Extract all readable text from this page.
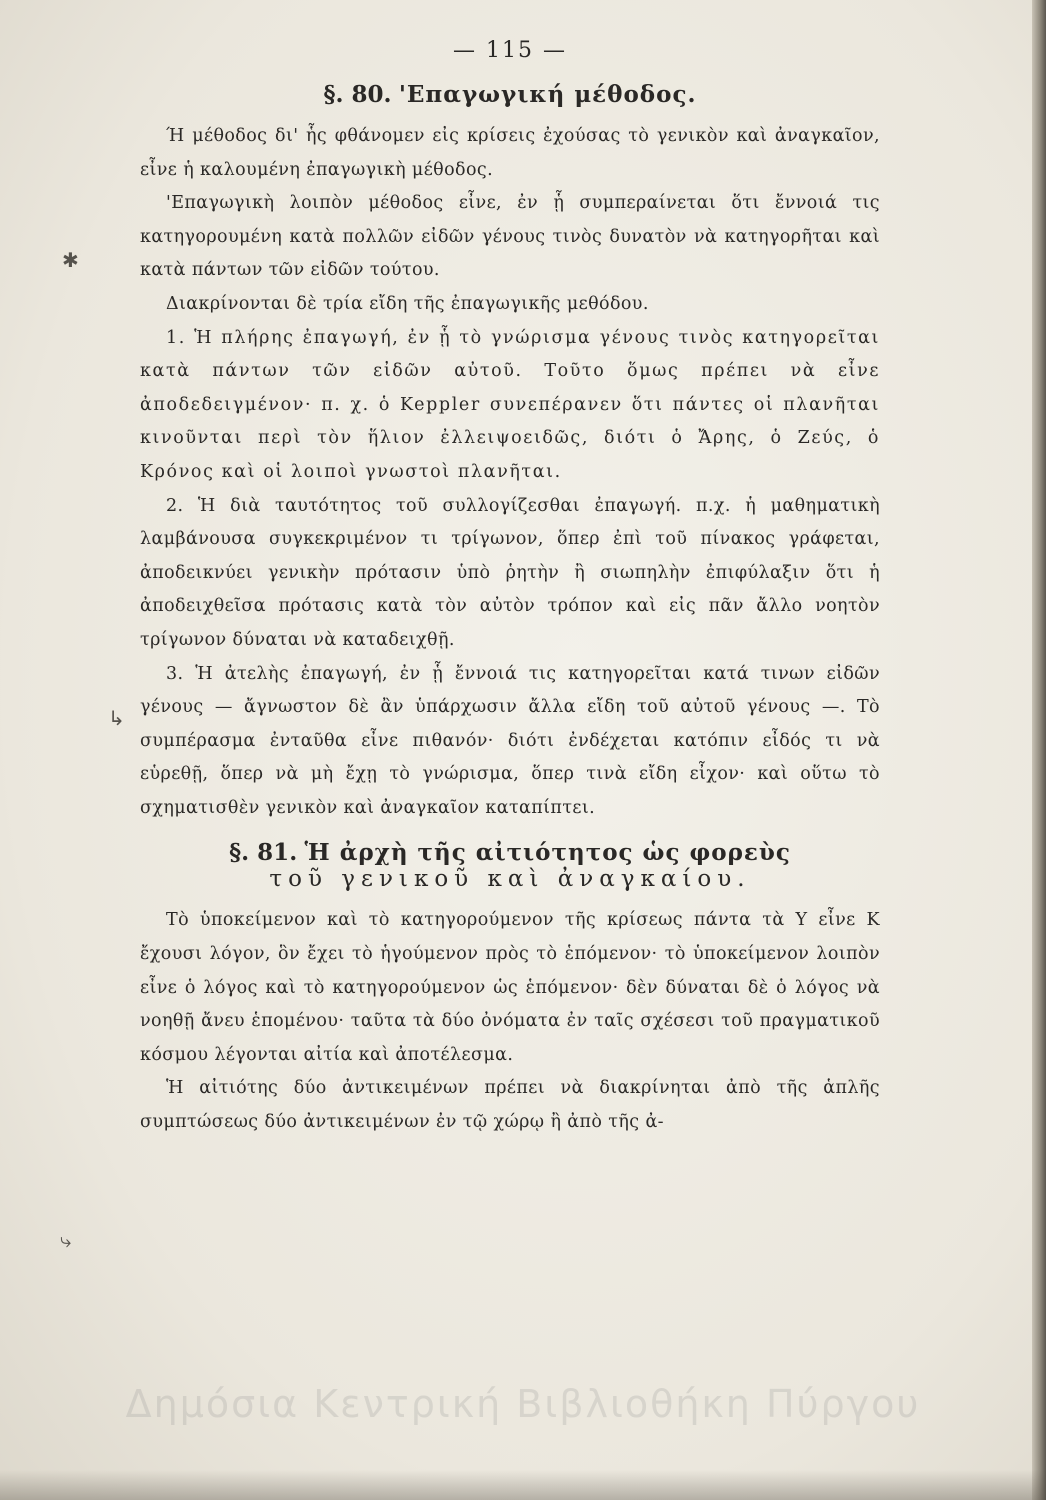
✱
↳
⤷
— 115 —
§. 80. 'Επαγωγική μέθοδος.

Ή μέθοδος δι' ἧς φθάνομεν εἰς κρίσεις ἐχούσας τὸ γενικὸν καὶ ἀναγκαῖον, εἶνε ἡ καλουμένη ἐπαγωγικὴ μέθοδος.

'Επαγωγικὴ λοιπὸν μέθοδος εἶνε, ἐν ᾗ συμπεραίνεται ὅτι ἔννοιά τις κατηγορουμένη κατὰ πολλῶν εἰδῶν γένους τινὸς δυνατὸν νὰ κατηγορῆται καὶ κατὰ πάντων τῶν εἰδῶν τούτου.

Διακρίνονται δὲ τρία εἴδη τῆς ἐπαγωγικῆς μεθόδου.

1. Ἡ πλήρης ἐπαγωγή, ἐν ᾗ τὸ γνώρισμα γένους τινὸς κατηγορεῖται κατὰ πάντων τῶν εἰδῶν αὐτοῦ. Τοῦτο ὅμως πρέπει νὰ εἶνε ἀποδεδειγμένον· π. χ. ὁ Keppler συνεπέρανεν ὅτι πάντες οἱ πλανῆται κινοῦνται περὶ τὸν ἥλιον ἐλλειψοειδῶς, διότι ὁ Ἄρης, ὁ Ζεύς, ὁ Κρόνος καὶ οἱ λοιποὶ γνωστοὶ πλανῆται.

2. Ἡ διὰ ταυτότητος τοῦ συλλογίζεσθαι ἐπαγωγή. π.χ. ἡ μαθηματικὴ λαμβάνουσα συγκεκριμένον τι τρίγωνον, ὅπερ ἐπὶ τοῦ πίνακος γράφεται, ἀποδεικνύει γενικὴν πρότασιν ὑπὸ ῥητὴν ἢ σιωπηλὴν ἐπιφύλαξιν ὅτι ἡ ἀποδειχθεῖσα πρότασις κατὰ τὸν αὐτὸν τρόπον καὶ εἰς πᾶν ἄλλο νοητὸν τρίγωνον δύναται νὰ καταδειχθῇ.

3. Ἡ ἀτελὴς ἐπαγωγή, ἐν ᾗ ἔννοιά τις κατηγορεῖται κατά τινων εἰδῶν γένους — ἄγνωστον δὲ ἂν ὑπάρχωσιν ἄλλα εἴδη τοῦ αὐτοῦ γένους —. Τὸ συμπέρασμα ἐνταῦθα εἶνε πιθανόν· διότι ἐνδέχεται κατόπιν εἶδός τι νὰ εὑρεθῇ, ὅπερ νὰ μὴ ἔχῃ τὸ γνώρισμα, ὅπερ τινὰ εἴδη εἶχον· καὶ οὕτω τὸ σχηματισθὲν γενικὸν καὶ ἀναγκαῖον καταπίπτει.

§. 81. Ἡ ἀρχὴ τῆς αἰτιότητος ὡς φορεὺς
τοῦ γενικοῦ καὶ ἀναγκαίου.

Τὸ ὑποκείμενον καὶ τὸ κατηγορούμενον τῆς κρίσεως πάντα τὰ Υ εἶνε Κ ἔχουσι λόγον, ὃν ἔχει τὸ ἡγούμενον πρὸς τὸ ἑπόμενον· τὸ ὑποκείμενον λοιπὸν εἶνε ὁ λόγος καὶ τὸ κατηγορούμενον ὡς ἑπόμενον· δὲν δύναται δὲ ὁ λόγος νὰ νοηθῇ ἄνευ ἑπομένου· ταῦτα τὰ δύο ὀνόματα ἐν ταῖς σχέσεσι τοῦ πραγματικοῦ κόσμου λέγονται αἰτία καὶ ἀποτέλεσμα.

Ἡ αἰτιότης δύο ἀντικειμένων πρέπει νὰ διακρίνηται ἀπὸ τῆς ἁπλῆς συμπτώσεως δύο ἀντικειμένων ἐν τῷ χώρῳ ἢ ἀπὸ τῆς ἀ-

Δημόσια Κεντρική Βιβλιοθήκη Πύργου
